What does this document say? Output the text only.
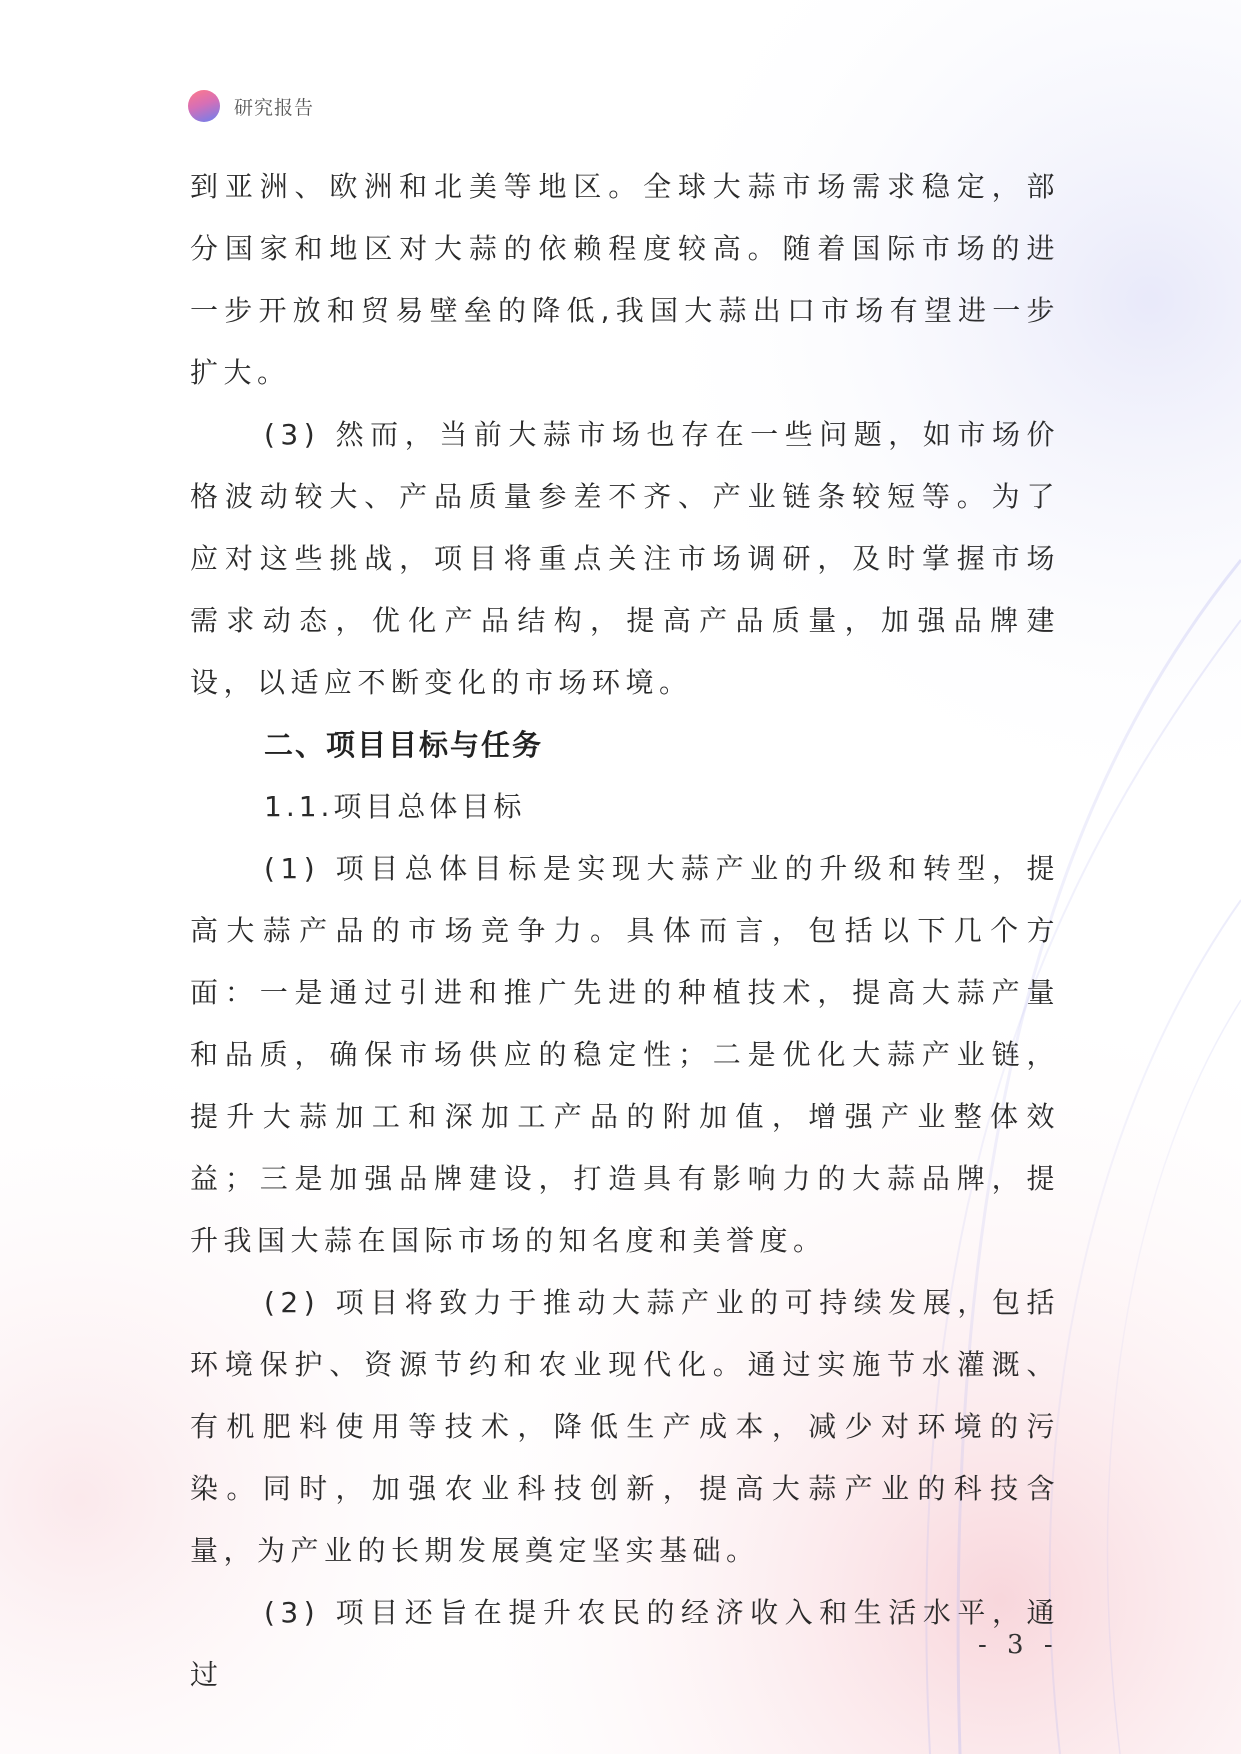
研究报告

到亚洲、欧洲和北美等地区。全球大蒜市场需求稳定，部分国家和地区对大蒜的依赖程度较高。随着国际市场的进一步开放和贸易壁垒的降低,我国大蒜出口市场有望进一步扩大。

(3) 然而，当前大蒜市场也存在一些问题，如市场价格波动较大、产品质量参差不齐、产业链条较短等。为了应对这些挑战，项目将重点关注市场调研，及时掌握市场需求动态，优化产品结构，提高产品质量，加强品牌建设，以适应不断变化的市场环境。

二、项目目标与任务

1.1.项目总体目标

(1) 项目总体目标是实现大蒜产业的升级和转型，提高大蒜产品的市场竞争力。具体而言，包括以下几个方面：一是通过引进和推广先进的种植技术，提高大蒜产量和品质，确保市场供应的稳定性；二是优化大蒜产业链，提升大蒜加工和深加工产品的附加值，增强产业整体效益；三是加强品牌建设，打造具有影响力的大蒜品牌，提升我国大蒜在国际市场的知名度和美誉度。

(2) 项目将致力于推动大蒜产业的可持续发展，包括环境保护、资源节约和农业现代化。通过实施节水灌溉、有机肥料使用等技术，降低生产成本，减少对环境的污染。同时，加强农业科技创新，提高大蒜产业的科技含量，为产业的长期发展奠定坚实基础。

(3) 项目还旨在提升农民的经济收入和生活水平，通过

- 3 -
